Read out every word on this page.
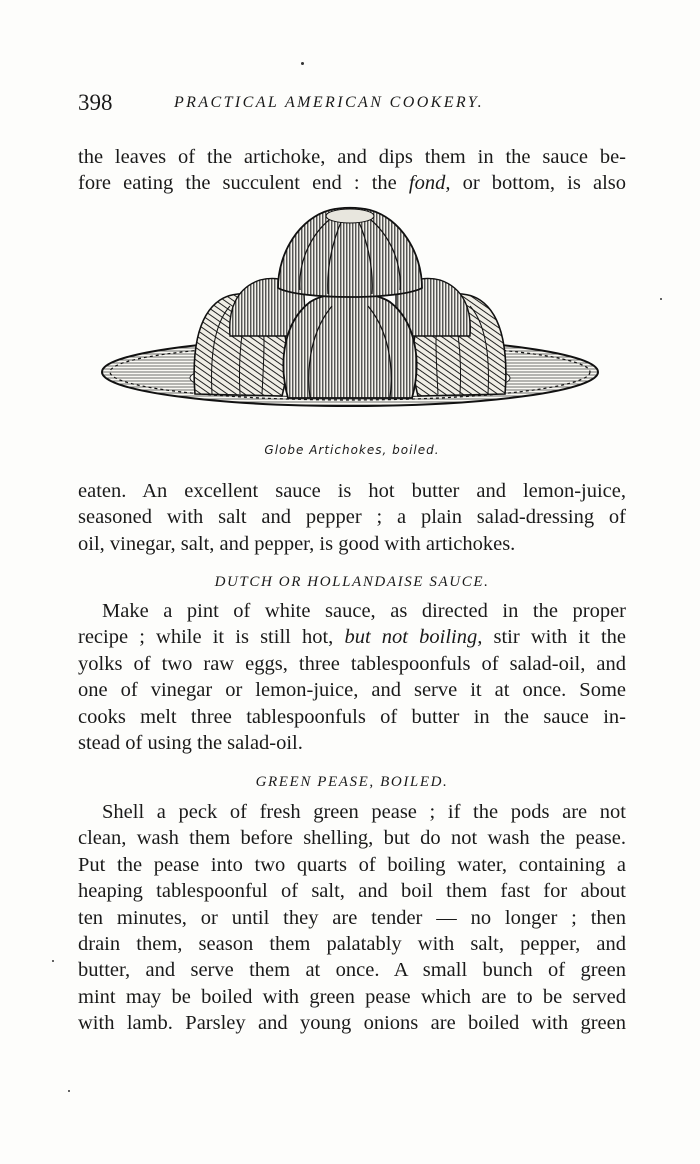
398	PRACTICAL AMERICAN COOKERY.

the leaves of the artichoke, and dips them in the sauce be-

fore eating the succulent end : the fond, or bottom, is also

Globe Artichokes, boiled.

eaten. An excellent sauce is hot butter and lemon-juice,

seasoned with salt and pepper ; a plain salad-dressing of

oil, vinegar, salt, and pepper, is good with artichokes.

DUTCH OR HOLLANDAISE SAUCE.

Make a pint of white sauce, as directed in the proper

recipe ; while it is still hot, but not boiling, stir with it the

yolks of two raw eggs, three tablespoonfuls of salad-oil, and

one of vinegar or lemon-juice, and serve it at once. Some

cooks melt three tablespoonfuls of butter in the sauce in-

stead of using the salad-oil.

GREEN PEASE, BOILED.

Shell a peck of fresh green pease ; if the pods are not

clean, wash them before shelling, but do not wash the pease.

Put the pease into two quarts of boiling water, containing a

heaping tablespoonful of salt, and boil them fast for about

ten minutes, or until they are tender — no longer ; then

drain them, season them palatably with salt, pepper, and

butter, and serve them at once. A small bunch of green

mint may be boiled with green pease which are to be served

with lamb. Parsley and young onions are boiled with green
